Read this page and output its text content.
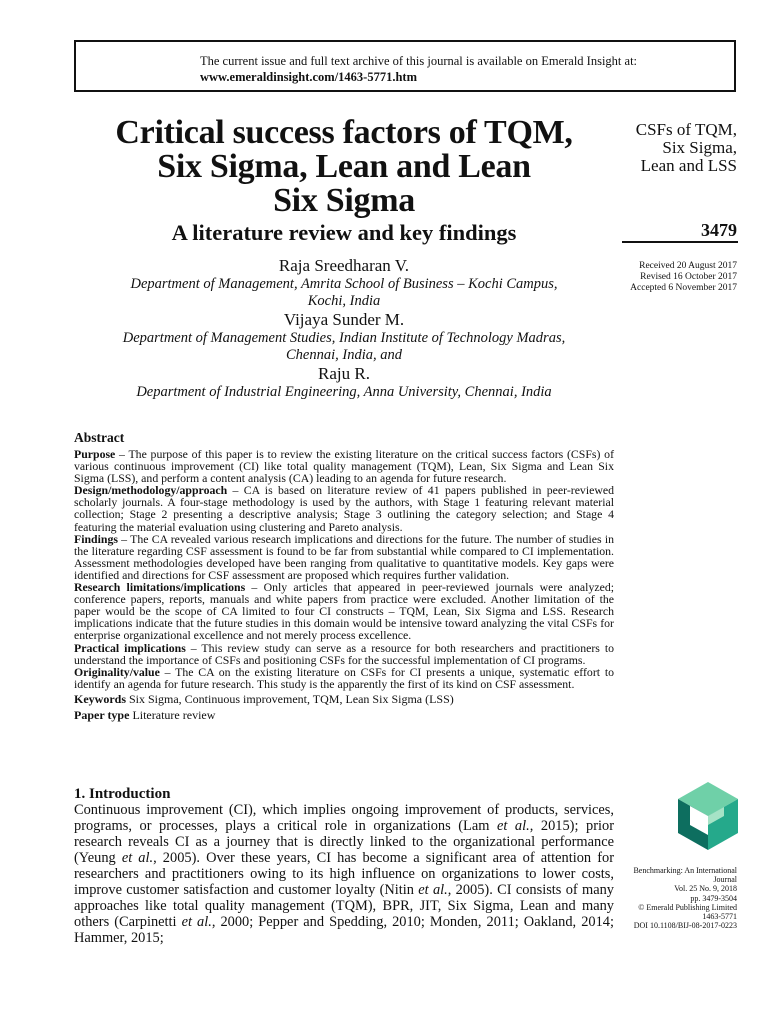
The current issue and full text archive of this journal is available on Emerald Insight at:
www.emeraldinsight.com/1463-5771.htm
Critical success factors of TQM,
Six Sigma, Lean and Lean
Six Sigma
A literature review and key findings
Raja Sreedharan V.
Department of Management, Amrita School of Business – Kochi Campus,
Kochi, India
Vijaya Sunder M.
Department of Management Studies, Indian Institute of Technology Madras,
Chennai, India, and
Raju R.
Department of Industrial Engineering, Anna University, Chennai, India
CSFs of TQM,
Six Sigma,
Lean and LSS
3479
Received 20 August 2017
Revised 16 October 2017
Accepted 6 November 2017
Abstract

Purpose – The purpose of this paper is to review the existing literature on the critical success factors (CSFs) of various continuous improvement (CI) like total quality management (TQM), Lean, Six Sigma and Lean Six Sigma (LSS), and perform a content analysis (CA) leading to an agenda for future research.

Design/methodology/approach – CA is based on literature review of 41 papers published in peer-reviewed scholarly journals. A four-stage methodology is used by the authors, with Stage 1 featuring relevant material collection; Stage 2 presenting a descriptive analysis; Stage 3 outlining the category selection; and Stage 4 featuring the material evaluation using clustering and Pareto analysis.

Findings – The CA revealed various research implications and directions for the future. The number of studies in the literature regarding CSF assessment is found to be far from substantial while compared to CI implementation. Assessment methodologies developed have been ranging from qualitative to quantitative models. Key gaps were identified and directions for CSF assessment are proposed which requires further validation.

Research limitations/implications – Only articles that appeared in peer-reviewed journals were analyzed; conference papers, reports, manuals and white papers from practice were excluded. Another limitation of the paper would be the scope of CA limited to four CI constructs – TQM, Lean, Six Sigma and LSS. Research implications indicate that the future studies in this domain would be intensive toward analyzing the vital CSFs for enterprise organizational excellence and not merely process excellence.

Practical implications – This review study can serve as a resource for both researchers and practitioners to understand the importance of CSFs and positioning CSFs for the successful implementation of CI programs.

Originality/value – The CA on the existing literature on CSFs for CI presents a unique, systematic effort to identify an agenda for future research. This study is the apparently the first of its kind on CSF assessment.

Keywords Six Sigma, Continuous improvement, TQM, Lean Six Sigma (LSS)
Paper type Literature review
1. Introduction
Continuous improvement (CI), which implies ongoing improvement of products, services, programs, or processes, plays a critical role in organizations (Lam et al., 2015); prior research reveals CI as a journey that is directly linked to the organizational performance (Yeung et al., 2005). Over these years, CI has become a significant area of attention for researchers and practitioners owing to its high influence on organizations to lower costs, improve customer satisfaction and customer loyalty (Nitin et al., 2005). CI consists of many approaches like total quality management (TQM), BPR, JIT, Six Sigma, Lean and many others (Carpinetti et al., 2000; Pepper and Spedding, 2010; Monden, 2011; Oakland, 2014; Hammer, 2015;
Benchmarking: An International
Journal
Vol. 25 No. 9, 2018
pp. 3479-3504
© Emerald Publishing Limited
1463-5771
DOI 10.1108/BIJ-08-2017-0223
